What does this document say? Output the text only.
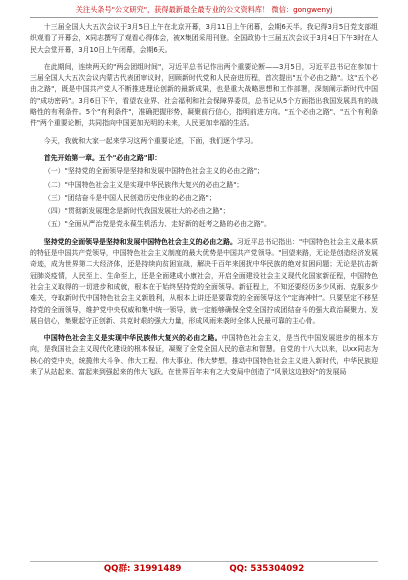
关注头条号"公文研究"，获得最新最全最专业的公文资料库！ 微信：gongwenyj

十三届全国人大五次会议于3月5日上午在北京开幕，3月11日上午闭幕，会期6天半。我记得3月5日党支部组织观看了开幕会，X同志撰写了观看心得体会，被X集团采用刊登。全国政协十三届五次会议于3月4日下午3时在人民大会堂开幕，3月10日上午闭幕，会期6天。

在此期间，连续两天的"两会团组时间"，习近平总书记作出两个重要论断——3月5日，习近平总书记在参加十三届全国人大五次会议内蒙古代表团审议时，回顾新时代党和人民奋进历程，首次提出"五个必由之路"。这"五个必由之路"，既是中国共产党人不断推进理论创新的最新成果，也是重大战略思想和工作部署，深刻阐示新时代中国的"成功密码"。3月6日下午，看望农业界、社会福利和社会保障界委员，总书记从5个方面指出我国发展具有的战略性的有利条件。5个"有利条件"，准确把握形势，凝聚前行信心，指明前进方向。"五个必由之路"、"五个有利条件"两个重要论断，共同指向中国更加光明的未来，人民更加幸福的生活。

今天，我就和大家一起来学习这两个重要论述，下面，我们逐个学习。

首先开始第一章。五个"必由之路"即：

（一）"坚持党的全面领导是坚持和发展中国特色社会主义的必由之路"；

（二）"中国特色社会主义是实现中华民族伟大复兴的必由之路"；

（三）"团结奋斗是中国人民创造历史伟业的必由之路"；

（四）"贯彻新发展理念是新时代我国发展壮大的必由之路"；

（五）"全面从严治党是党永葆生机活力、走好新的赶考之路的必由之路"。

坚持党的全面领导是坚持和发展中国特色社会主义的必由之路。习近平总书记指出："中国特色社会主义最本质的特征是中国共产党领导，中国特色社会主义制度的最大优势是中国共产党领导。"回望来路，无论是创造经济发展奇迹，成为世界第二大经济体，还是持续向贫困宣战，解决千百年来困扰中华民族的绝对贫困问题；无论是抗击新冠肺炎疫情，人民至上、生命至上，还是全面建成小康社会，开启全面建设社会主义现代化国家新征程，中国特色社会主义取得的一切进步和成就，根本在于始终坚持党的全面领导。新征程上，不知还要经历多少风雨、克服多少难关，夺取新时代中国特色社会主义新胜利，从根本上讲还是要靠党的全面领导这个"定海神针"。只要坚定不移坚持党的全面领导，维护党中央权威和集中统一领导，就一定能够确保全党全国拧成团结奋斗的强大政治凝聚力、发展自信心，集聚起守正创新、共克时艰的强大力量，形成风雨来袭时全体人民最可靠的主心骨。

中国特色社会主义是实现中华民族伟大复兴的必由之路。中国特色社会主义，是当代中国发展进步的根本方向，是我国社会主义现代化建设的根本保证，凝聚了全党全国人民的意志和智慧。自党的十八大以来，以xx同志为核心的党中央，统揽伟大斗争、伟大工程、伟大事业、伟大梦想，推动中国特色社会主义进入新时代，中华民族迎来了从站起来、富起来到强起来的伟大飞跃。在世界百年未有之大变局中创造了"风景这边独好"的发展局

QQ群: 31991489	QQ: 535304092
